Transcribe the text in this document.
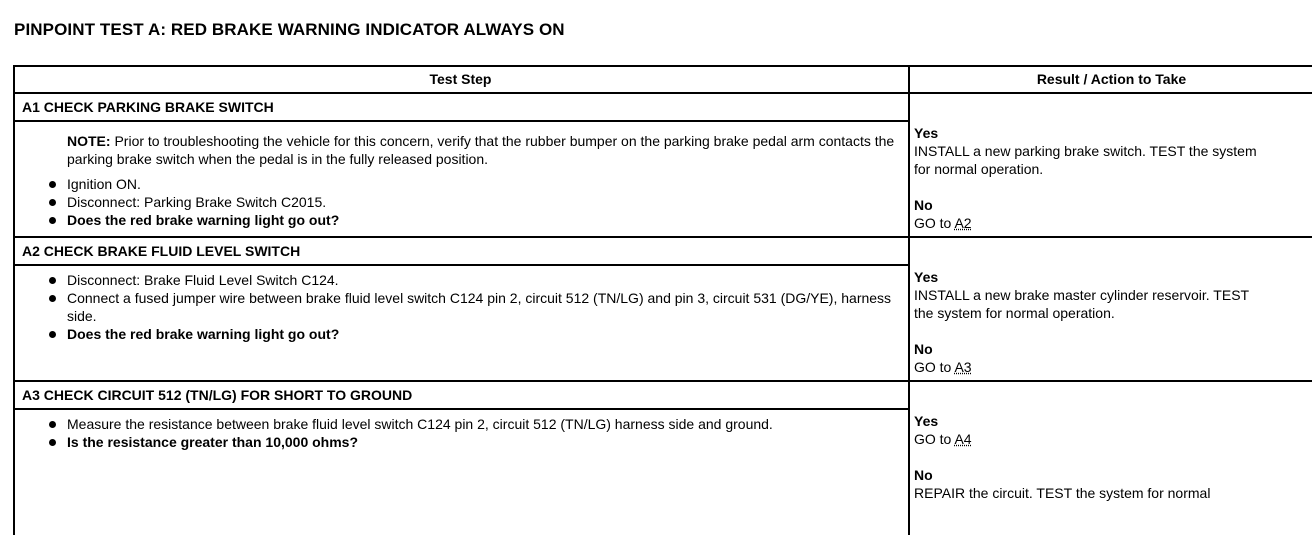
PINPOINT TEST A: RED BRAKE WARNING INDICATOR ALWAYS ON
Test Step	Result / Action to Take
A1 CHECK PARKING BRAKE SWITCH
NOTE: Prior to troubleshooting the vehicle for this concern, verify that the rubber bumper on the parking brake pedal arm contacts the parking brake switch when the pedal is in the fully released position.
Ignition ON.
Disconnect: Parking Brake Switch C2015.
Does the red brake warning light go out?

Yes

INSTALL a new parking brake switch. TEST the system for normal operation.

No

GO to A2

A2 CHECK BRAKE FLUID LEVEL SWITCH
Disconnect: Brake Fluid Level Switch C124.
Connect a fused jumper wire between brake fluid level switch C124 pin 2, circuit 512 (TN/LG) and pin 3, circuit 531 (DG/YE), harness side.
Does the red brake warning light go out?

Yes

INSTALL a new brake master cylinder reservoir. TEST the system for normal operation.

No

GO to A3

A3 CHECK CIRCUIT 512 (TN/LG) FOR SHORT TO GROUND
Measure the resistance between brake fluid level switch C124 pin 2, circuit 512 (TN/LG) harness side and ground.
Is the resistance greater than 10,000 ohms?

Yes

GO to A4

No

REPAIR the circuit. TEST the system for normal
